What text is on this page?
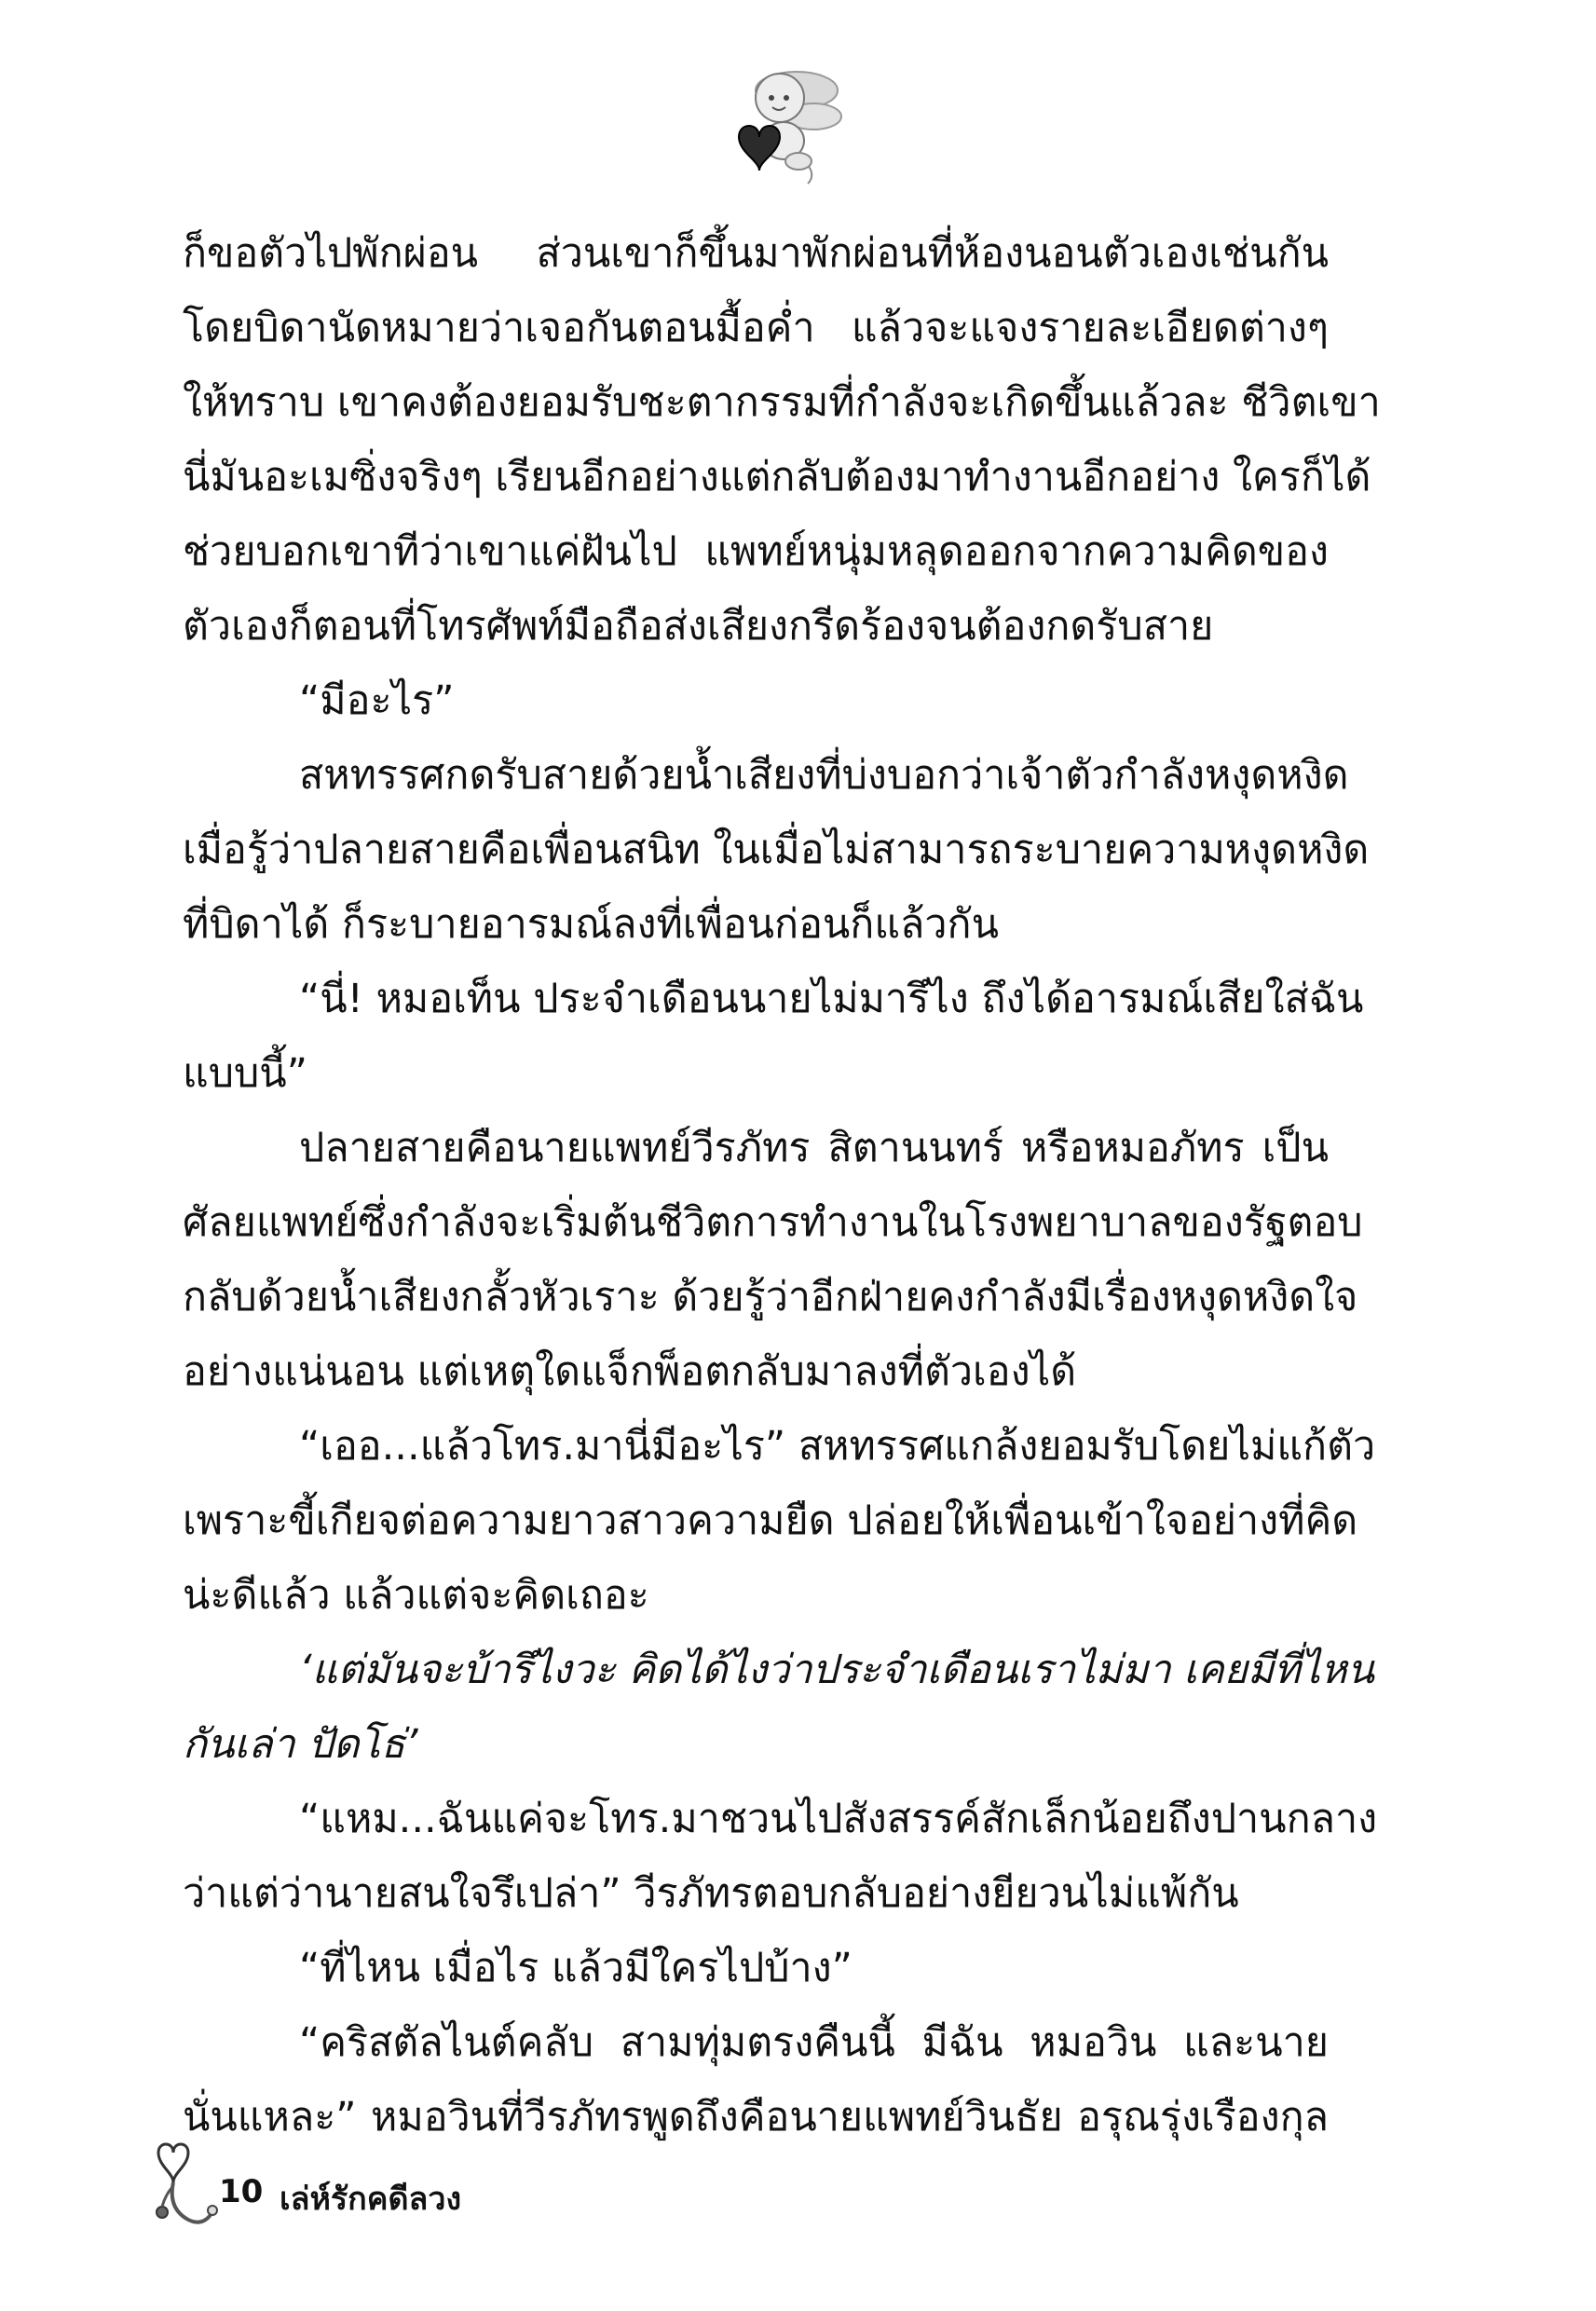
ก็ขอตัวไปพักผ่อน ส่วนเขาก็ขึ้นมาพักผ่อนที่ห้องนอนตัวเองเช่นกัน
โดยบิดานัดหมายว่าเจอกันตอนมื้อค่ำ แล้วจะแจงรายละเอียดต่างๆ
ให้ทราบ เขาคงต้องยอมรับชะตากรรมที่กำลังจะเกิดขึ้นแล้วละ ชีวิตเขา
นี่มันอะเมซิ่งจริงๆ เรียนอีกอย่างแต่กลับต้องมาทำงานอีกอย่าง ใครก็ได้
ช่วยบอกเขาทีว่าเขาแค่ฝันไป แพทย์หนุ่มหลุดออกจากความคิดของ
ตัวเองก็ตอนที่โทรศัพท์มือถือส่งเสียงกรีดร้องจนต้องกดรับสาย
“มีอะไร”
สหทรรศกดรับสายด้วยน้ำเสียงที่บ่งบอกว่าเจ้าตัวกำลังหงุดหงิด
เมื่อรู้ว่าปลายสายคือเพื่อนสนิท ในเมื่อไม่สามารถระบายความหงุดหงิด
ที่บิดาได้ ก็ระบายอารมณ์ลงที่เพื่อนก่อนก็แล้วกัน
“นี่! หมอเท็น ประจำเดือนนายไม่มารึไง ถึงได้อารมณ์เสียใส่ฉัน
แบบนี้”
ปลายสายคือนายแพทย์วีรภัทร สิตานนทร์ หรือหมอภัทร เป็น
ศัลยแพทย์ซึ่งกำลังจะเริ่มต้นชีวิตการทำงานในโรงพยาบาลของรัฐตอบ
กลับด้วยน้ำเสียงกลั้วหัวเราะ ด้วยรู้ว่าอีกฝ่ายคงกำลังมีเรื่องหงุดหงิดใจ
อย่างแน่นอน แต่เหตุใดแจ็กพ็อตกลับมาลงที่ตัวเองได้
“เออ...แล้วโทร.มานี่มีอะไร” สหทรรศแกล้งยอมรับโดยไม่แก้ตัว
เพราะขี้เกียจต่อความยาวสาวความยืด ปล่อยให้เพื่อนเข้าใจอย่างที่คิด
น่ะดีแล้ว แล้วแต่จะคิดเถอะ
‘แต่มันจะบ้ารึไงวะ คิดได้ไงว่าประจำเดือนเราไม่มา เคยมีที่ไหน
กันเล่า ปัดโธ่’
“แหม...ฉันแค่จะโทร.มาชวนไปสังสรรค์สักเล็กน้อยถึงปานกลาง
ว่าแต่ว่านายสนใจรึเปล่า” วีรภัทรตอบกลับอย่างยียวนไม่แพ้กัน
“ที่ไหน เมื่อไร แล้วมีใครไปบ้าง”
“คริสตัลไนต์คลับ สามทุ่มตรงคืนนี้ มีฉัน หมอวิน และนาย
นั่นแหละ” หมอวินที่วีรภัทรพูดถึงคือนายแพทย์วินธัย อรุณรุ่งเรืองกุล
10 เล่ห์รักคดีลวง
